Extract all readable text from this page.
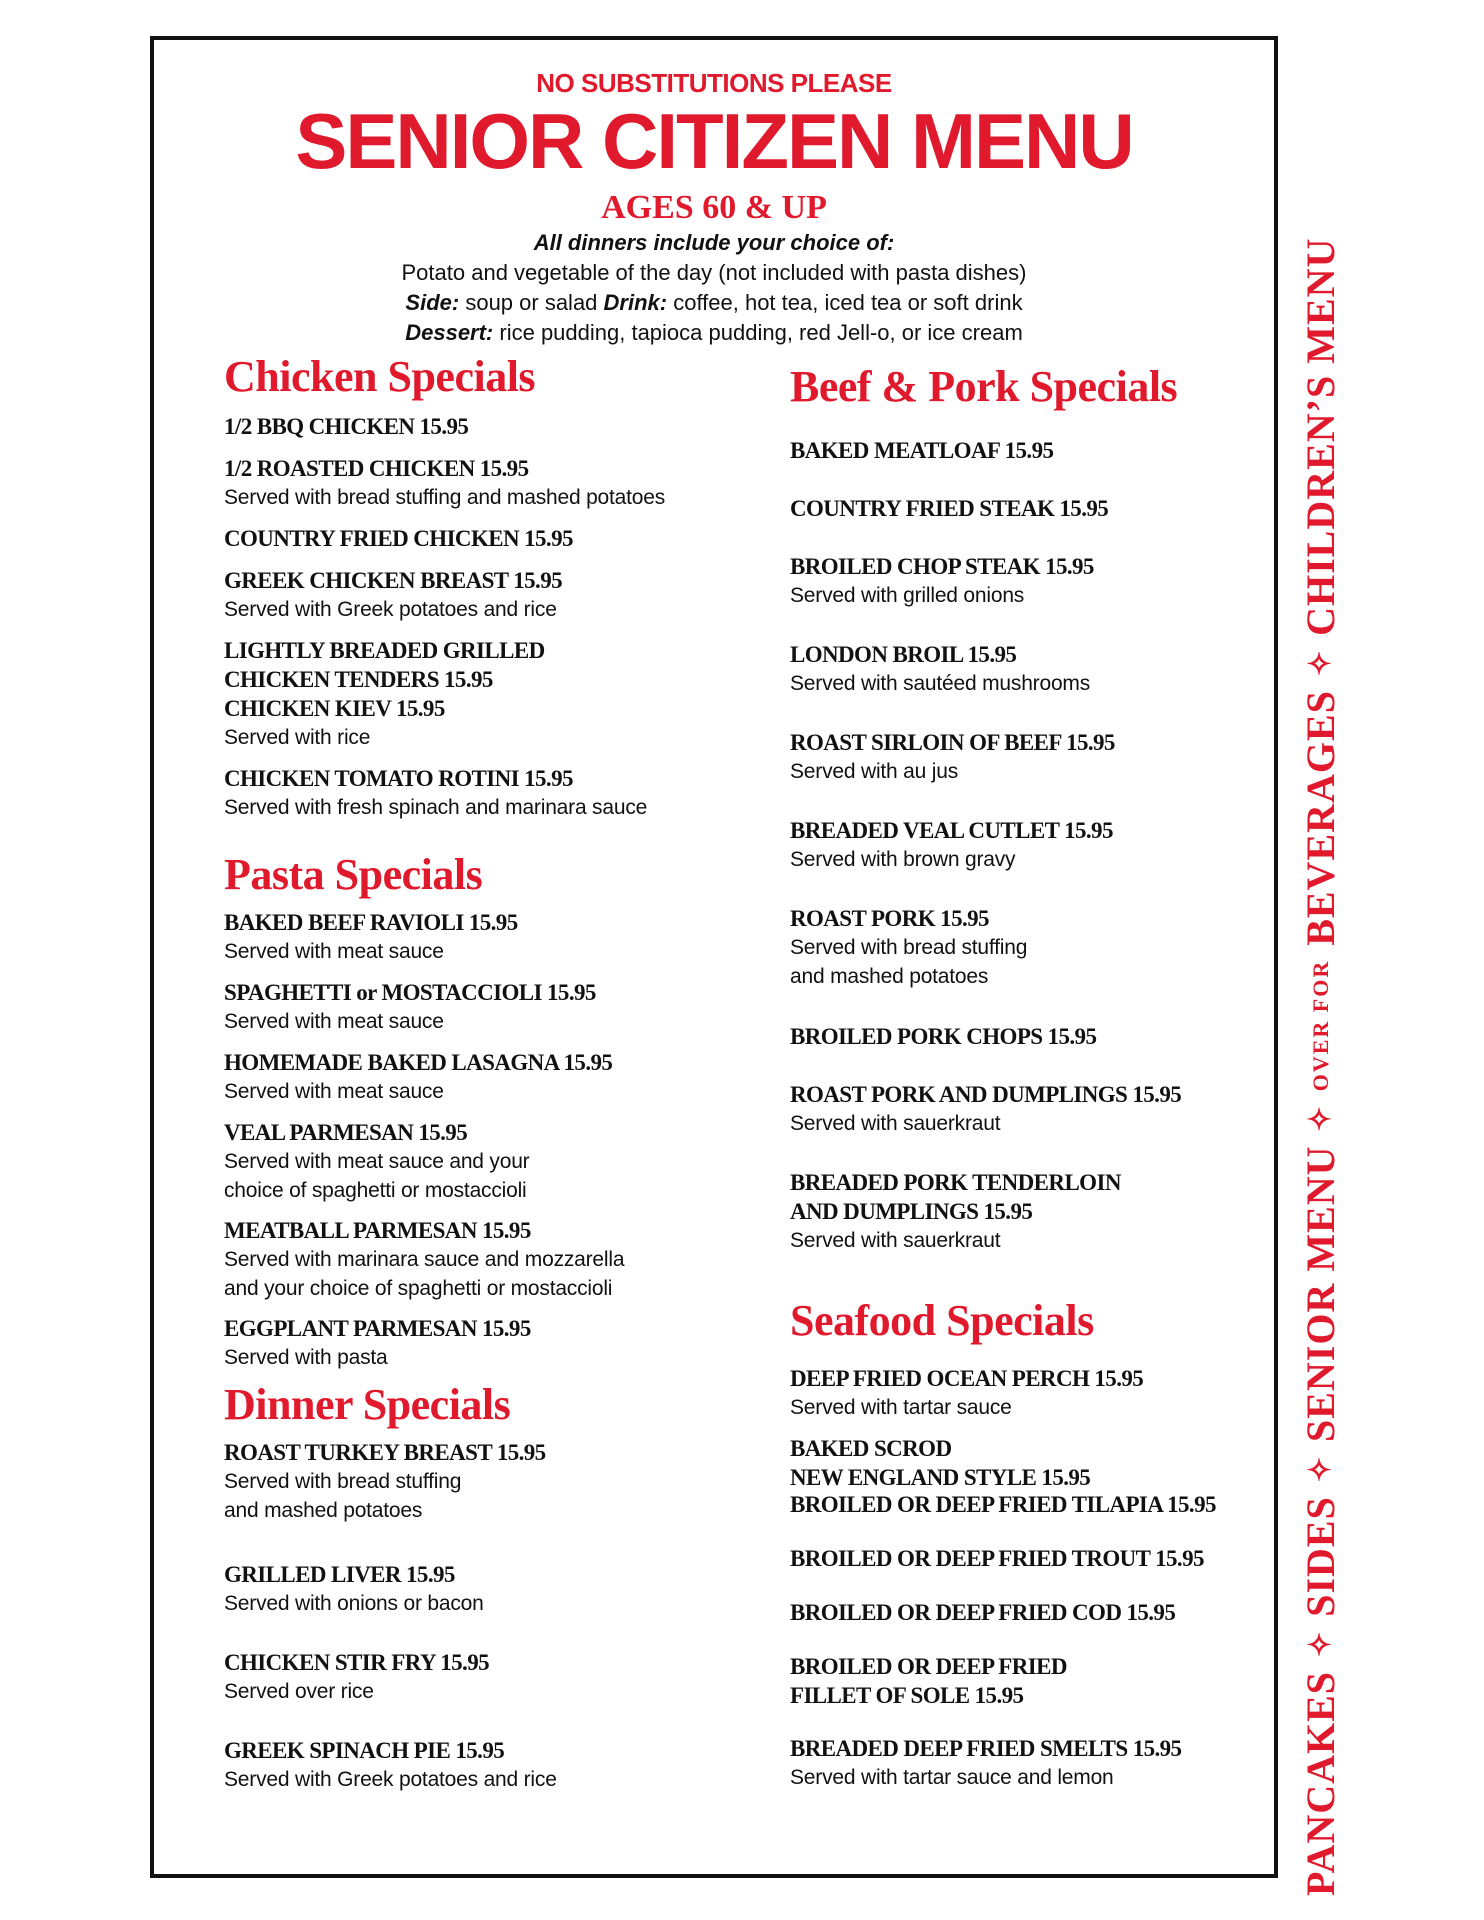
NO SUBSTITUTIONS PLEASE
SENIOR CITIZEN MENU
AGES 60 & UP
All dinners include your choice of:
Potato and vegetable of the day (not included with pasta dishes)
Side: soup or salad Drink: coffee, hot tea, iced tea or soft drink
Dessert: rice pudding, tapioca pudding, red Jell-o, or ice cream
Chicken Specials
1/2 BBQ CHICKEN 15.95
1/2 ROASTED CHICKEN 15.95
Served with bread stuffing and mashed potatoes
COUNTRY FRIED CHICKEN 15.95
GREEK CHICKEN BREAST 15.95
Served with Greek potatoes and rice
LIGHTLY BREADED GRILLED
CHICKEN TENDERS 15.95
CHICKEN KIEV 15.95
Served with rice
CHICKEN TOMATO ROTINI 15.95
Served with fresh spinach and marinara sauce
Pasta Specials
BAKED BEEF RAVIOLI 15.95
Served with meat sauce
SPAGHETTI or MOSTACCIOLI 15.95
Served with meat sauce
HOMEMADE BAKED LASAGNA 15.95
Served with meat sauce
VEAL PARMESAN 15.95
Served with meat sauce and your
choice of spaghetti or mostaccioli
MEATBALL PARMESAN 15.95
Served with marinara sauce and mozzarella
and your choice of spaghetti or mostaccioli
EGGPLANT PARMESAN 15.95
Served with pasta
Dinner Specials
ROAST TURKEY BREAST 15.95
Served with bread stuffing
and mashed potatoes
GRILLED LIVER 15.95
Served with onions or bacon
CHICKEN STIR FRY 15.95
Served over rice
GREEK SPINACH PIE 15.95
Served with Greek potatoes and rice
Beef & Pork Specials
BAKED MEATLOAF 15.95
COUNTRY FRIED STEAK 15.95
BROILED CHOP STEAK 15.95
Served with grilled onions
LONDON BROIL 15.95
Served with sautéed mushrooms
ROAST SIRLOIN OF BEEF 15.95
Served with au jus
BREADED VEAL CUTLET 15.95
Served with brown gravy
ROAST PORK 15.95
Served with bread stuffing
and mashed potatoes
BROILED PORK CHOPS 15.95
ROAST PORK AND DUMPLINGS 15.95
Served with sauerkraut
BREADED PORK TENDERLOIN
AND DUMPLINGS 15.95
Served with sauerkraut
Seafood Specials
DEEP FRIED OCEAN PERCH 15.95
Served with tartar sauce
BAKED SCROD
NEW ENGLAND STYLE 15.95
BROILED OR DEEP FRIED TILAPIA 15.95
BROILED OR DEEP FRIED TROUT 15.95
BROILED OR DEEP FRIED COD 15.95
BROILED OR DEEP FRIED
FILLET OF SOLE 15.95
BREADED DEEP FRIED SMELTS 15.95
Served with tartar sauce and lemon	PANCAKES
✧
SIDES
✧
SENIOR MENU
✧
OVER FOR
BEVERAGES
✧
CHILDREN’S MENU
